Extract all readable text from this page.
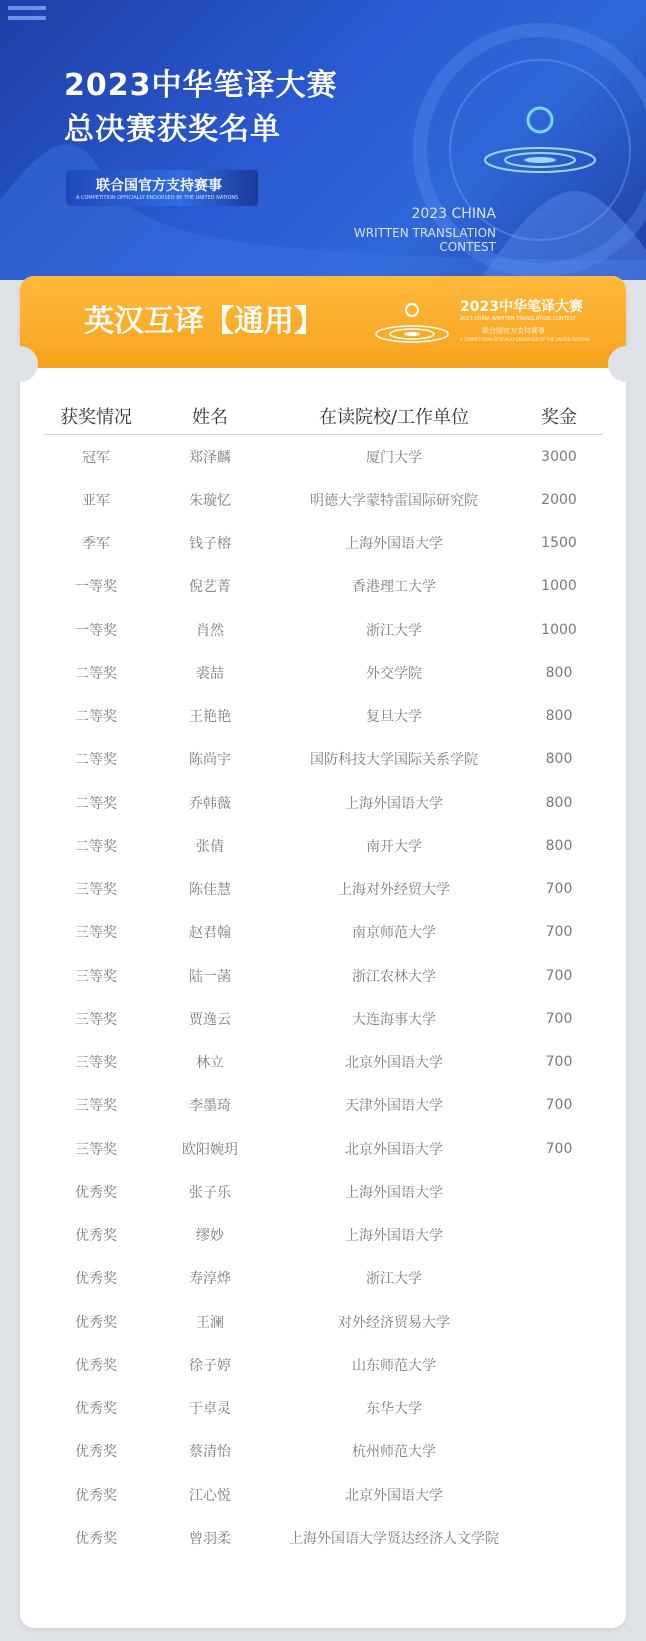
2023中华笔译大赛
总决赛获奖名单
联合国官方支持赛事
A COMPETITION OFFICIALLY ENDORSED BY THE UNITED NATIONS
2023 CHINA
WRITTEN TRANSLATION
CONTEST
英汉互译【通用】	2023中华笔译大赛
2023 CHINA WRITTEN TRANSLATION CONTEST
联合国官方支持赛事
A COMPETITION OFFICIALLY ENDORSED BY THE UNITED NATIONS
获奖情况	姓名	在读院校/工作单位	奖金
冠军	郑泽麟	厦门大学	3000
亚军	朱璇忆	明德大学蒙特雷国际研究院	2000
季军	钱子榕	上海外国语大学	1500
一等奖	倪艺菁	香港理工大学	1000
一等奖	肖然	浙江大学	1000
二等奖	裘喆	外交学院	800
二等奖	王艳艳	复旦大学	800
二等奖	陈尚宇	国防科技大学国际关系学院	800
二等奖	乔韩薇	上海外国语大学	800
二等奖	张倩	南开大学	800
三等奖	陈佳慧	上海对外经贸大学	700
三等奖	赵君翰	南京师范大学	700
三等奖	陆一菡	浙江农林大学	700
三等奖	贾逸云	大连海事大学	700
三等奖	林立	北京外国语大学	700
三等奖	李墨琦	天津外国语大学	700
三等奖	欧阳婉玥	北京外国语大学	700
优秀奖	张子乐	上海外国语大学	
优秀奖	缪妙	上海外国语大学	
优秀奖	寿淳烨	浙江大学	
优秀奖	王澜	对外经济贸易大学	
优秀奖	徐子婷	山东师范大学	
优秀奖	于卓灵	东华大学	
优秀奖	蔡清怡	杭州师范大学	
优秀奖	江心悦	北京外国语大学	
优秀奖	曾羽柔	上海外国语大学贤达经济人文学院	
